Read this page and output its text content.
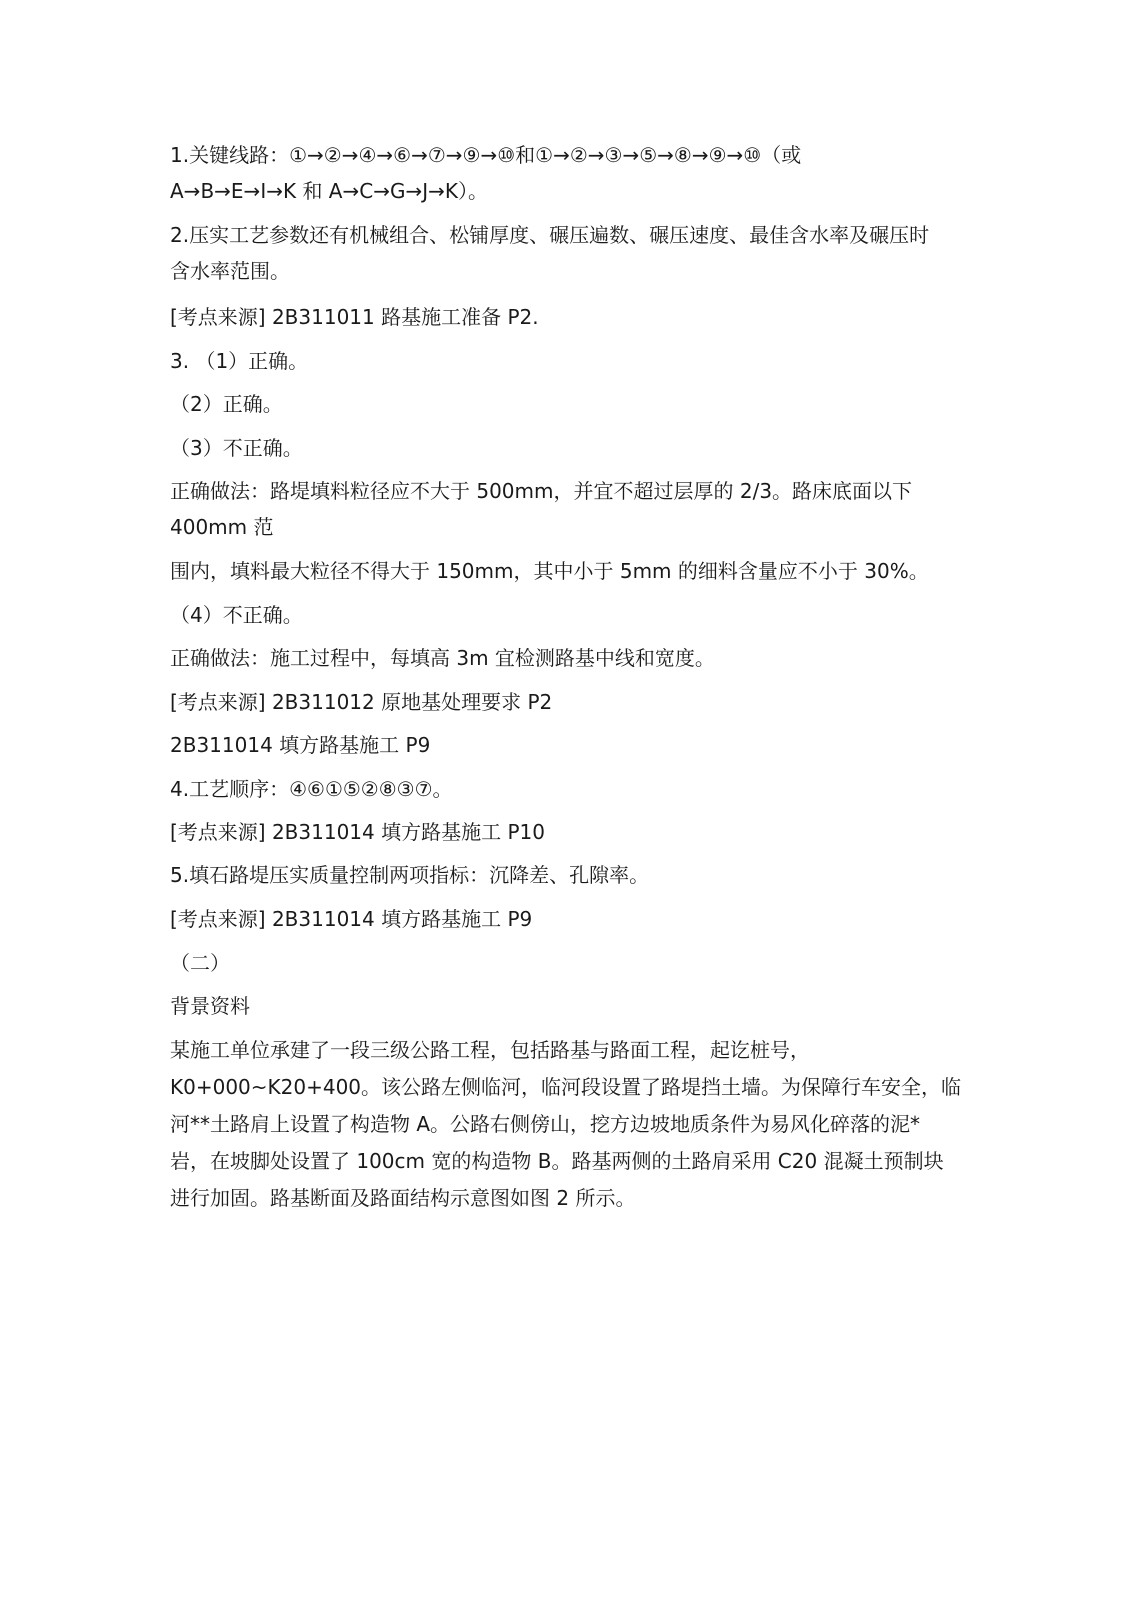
1.关键线路：①→②→④→⑥→⑦→⑨→⑩和①→②→③→⑤→⑧→⑨→⑩（或
A→B→E→I→K 和 A→C→G→J→K）。
2.压实工艺参数还有机械组合、松铺厚度、碾压遍数、碾压速度、最佳含水率及碾压时
含水率范围。
[考点来源] 2B311011 路基施工准备 P2.
3. （1）正确。
（2）正确。
（3）不正确。
正确做法：路堤填料粒径应不大于 500mm，并宜不超过层厚的 2/3。路床底面以下
400mm 范
围内，填料最大粒径不得大于 150mm，其中小于 5mm 的细料含量应不小于 30%。
（4）不正确。
正确做法：施工过程中，每填高 3m 宜检测路基中线和宽度。
[考点来源] 2B311012 原地基处理要求 P2
2B311014 填方路基施工 P9
4.工艺顺序：④⑥①⑤②⑧③⑦。
[考点来源] 2B311014 填方路基施工 P10
5.填石路堤压实质量控制两项指标：沉降差、孔隙率。
[考点来源] 2B311014 填方路基施工 P9
（二）
背景资料
某施工单位承建了一段三级公路工程，包括路基与路面工程，起讫桩号，
K0+000~K20+400。该公路左侧临河，临河段设置了路堤挡土墙。为保障行车安全，临
河**土路肩上设置了构造物 A。公路右侧傍山，挖方边坡地质条件为易风化碎落的泥*
岩，在坡脚处设置了 100cm 宽的构造物 B。路基两侧的土路肩采用 C20 混凝土预制块
进行加固。路基断面及路面结构示意图如图 2 所示。
